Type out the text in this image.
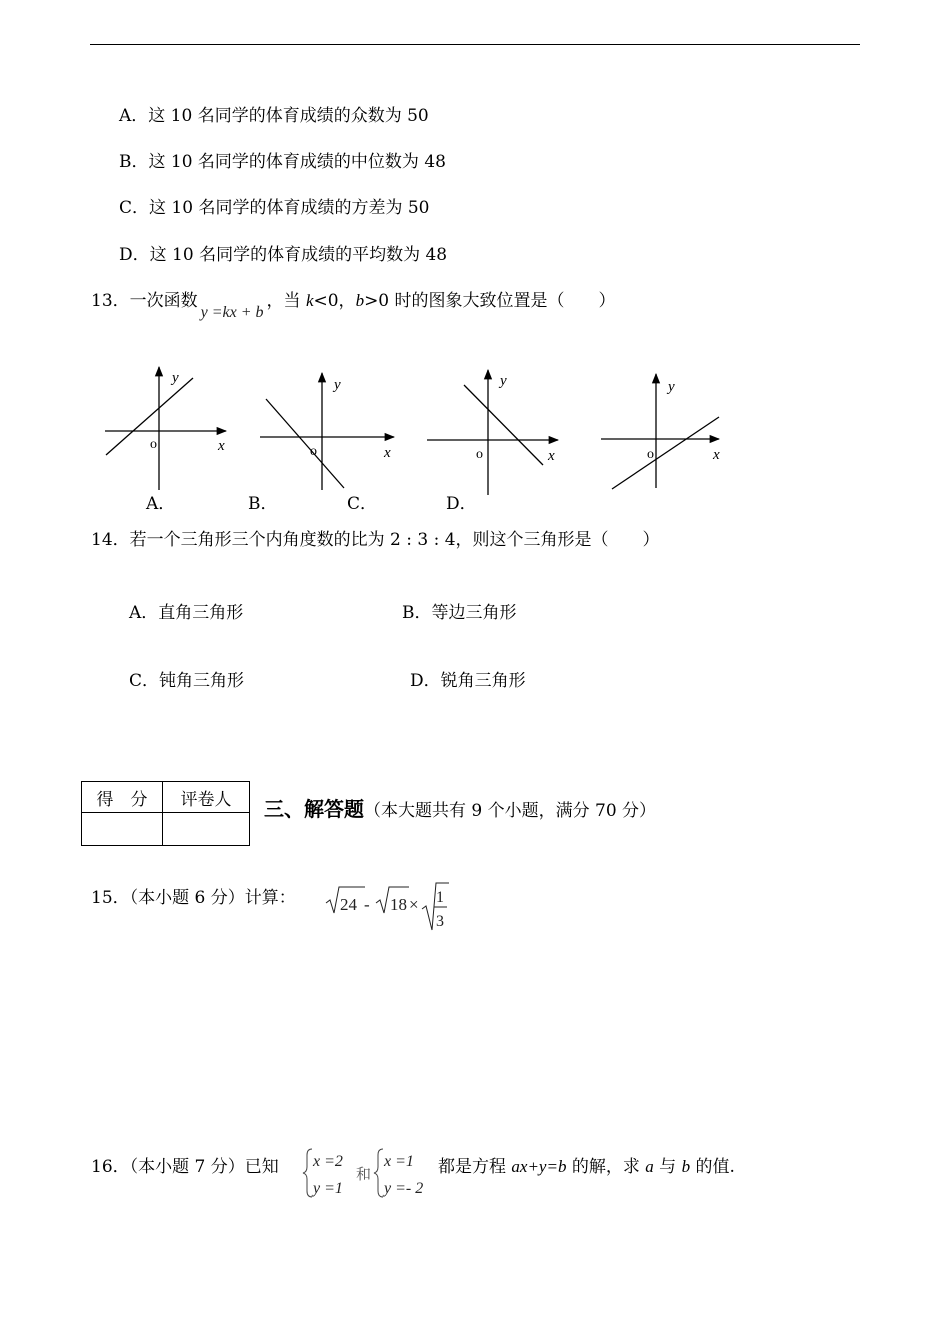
A．这 10 名同学的体育成绩的众数为 50
B．这 10 名同学的体育成绩的中位数为 48
C．这 10 名同学的体育成绩的方差为 50
D．这 10 名同学的体育成绩的平均数为 48
13．一次函数y =kx + b，当 k<0，b>0 时的图象大致位置是（　　）
y
x
o
y
x
o
y
x
o
y
x
o
A．	B．	C．	D．
14．若一个三角形三个内角度数的比为 2 : 3 : 4，则这个三角形是（　　）
A．直角三角形	B．等边三角形
C．钝角三角形	D．锐角三角形
得　分	评卷人
	三、解答题（本大题共有 9 个小题，满分 70 分）
15．（本小题 6 分）计算：	24 - 18 × 1
3
16．（本小题 7 分）已知 x =2
y =1
和
x =1
y =- 2
都是方程 ax+y=b 的解，求 a 与 b 的值.
